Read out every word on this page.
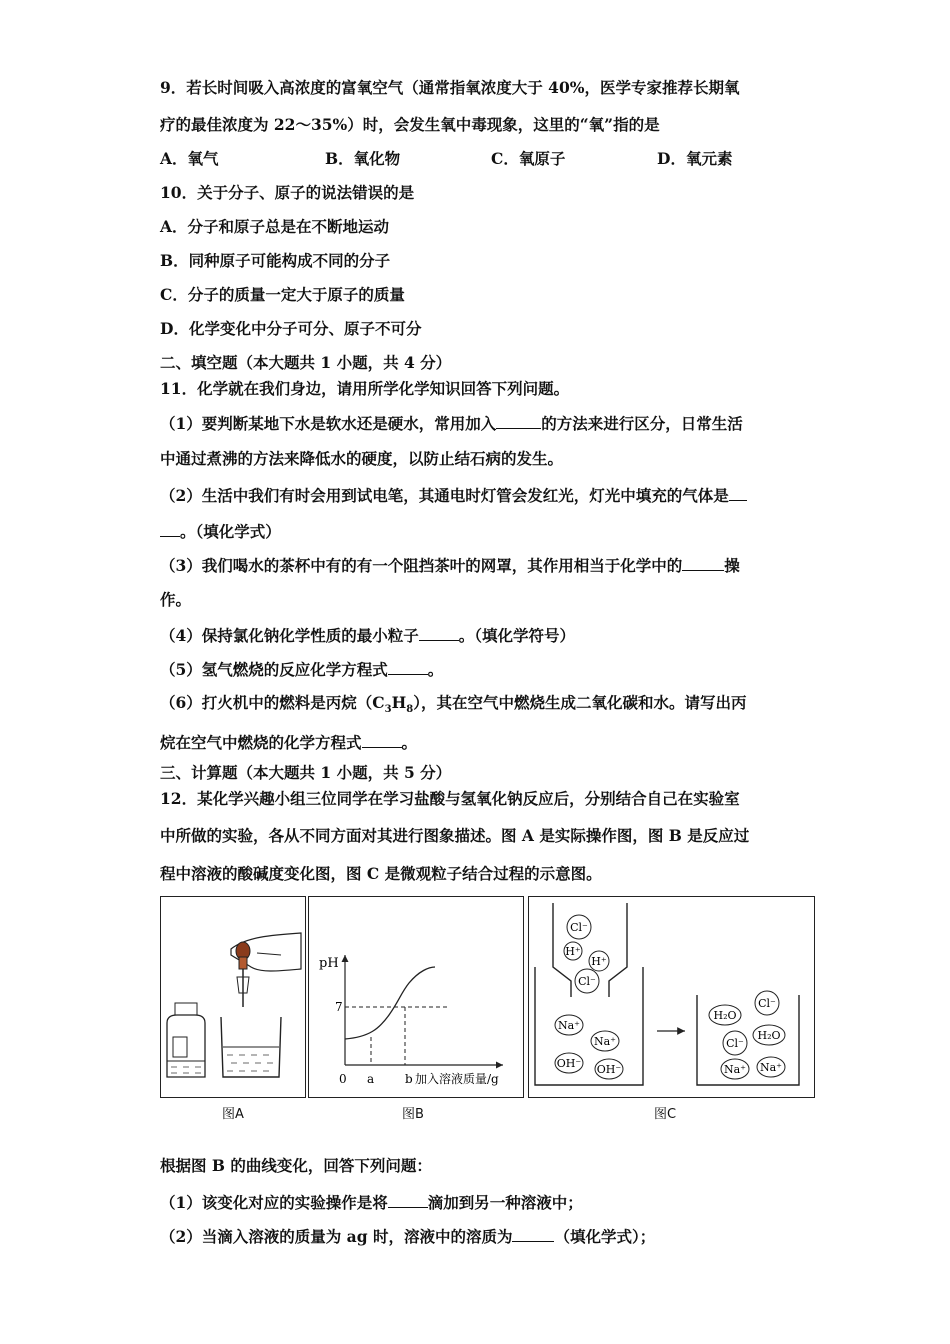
9．若长时间吸入高浓度的富氧空气（通常指氧浓度大于 40%，医学专家推荐长期氧
疗的最佳浓度为 22～35%）时，会发生氧中毒现象，这里的“氧”指的是
A．氧气	B．氧化物	C．氧原子	D．氧元素
10．关于分子、原子的说法错误的是
A．分子和原子总是在不断地运动
B．同种原子可能构成不同的分子
C．分子的质量一定大于原子的质量
D．化学变化中分子可分、原子不可分
二、填空题（本大题共 1 小题，共 4 分）
11．化学就在我们身边，请用所学化学知识回答下列问题。
（1）要判断某地下水是软水还是硬水，常用加入	的方法来进行区分，日常生活
中通过煮沸的方法来降低水的硬度，以防止结石病的发生。
（2）生活中我们有时会用到试电笔，其通电时灯管会发红光，灯光中填充的气体是
。（填化学式）
（3）我们喝水的茶杯中有的有一个阻挡茶叶的网罩，其作用相当于化学中的	操
作。
（4）保持氯化钠化学性质的最小粒子	。（填化学符号）
（5）氢气燃烧的反应化学方程式	。
（6）打火机中的燃料是丙烷$(C_3H_8)$，其在空气中燃烧生成二氧化碳和水。请写出丙
烷在空气中燃烧的化学方程式	。
三、计算题（本大题共 1 小题，共 5 分）
12．某化学兴趣小组三位同学在学习盐酸与氢氧化钠反应后，分别结合自己在实验室
中所做的实验，各从不同方面对其进行图象描述。图 A 是实际操作图，图 B 是反应过
程中溶液的酸碱度变化图，图 C 是微观粒子结合过程的示意图。
图A
pH
7
0 a	b 加入溶液质量/g
图B
Cl⁻
H⁺
H⁺
Cl⁻
Na⁺
Na⁺
OH⁻ OH⁻
H₂O
Cl⁻
H₂O
Cl⁻
Na⁺ Na⁺
图C
根据图 B 的曲线变化，回答下列问题：
（1）该变化对应的实验操作是将	滴加到另一种溶液中；
（2）当滴入溶液的质量为 ag 时，溶液中的溶质为	（填化学式）；
